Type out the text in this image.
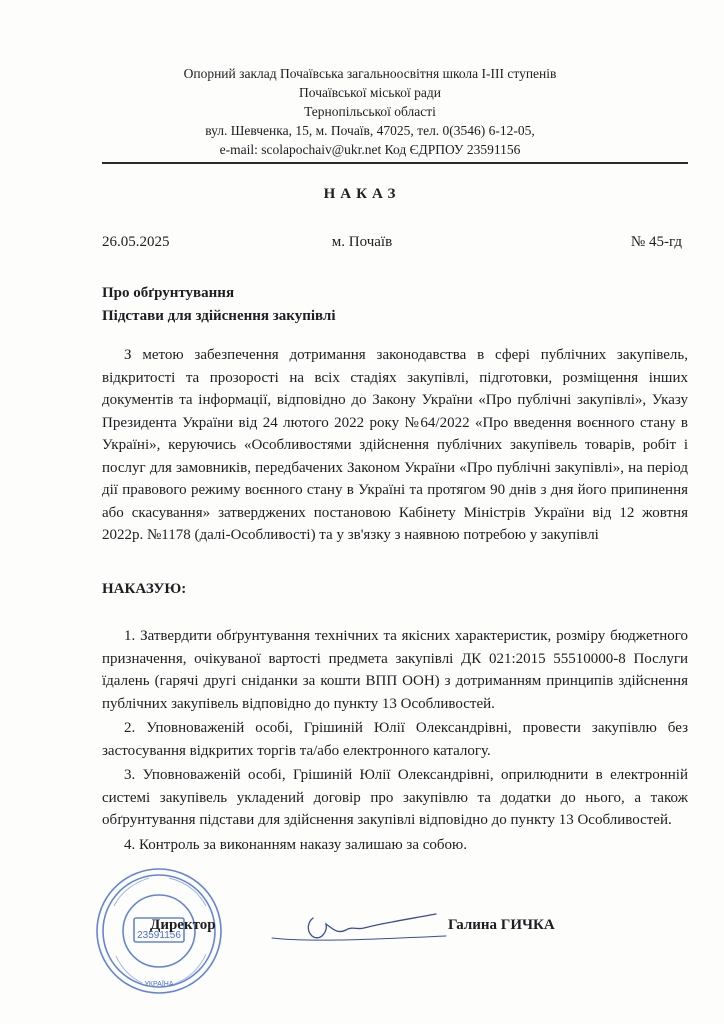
Опорний заклад Почаївська загальноосвітня школа І-ІІІ ступенів
Почаївської міської ради
Тернопільської області
вул. Шевченка, 15, м. Почаїв, 47025, тел. 0(3546) 6-12-05,
e-mail: scolapochaiv@ukr.net Код ЄДРПОУ 23591156
НАКАЗ
26.05.2025	м. Почаїв	№ 45-гд
Про обґрунтування
Підстави для здійснення закупівлі

З метою забезпечення дотримання законодавства в сфері публічних закупівель, відкритості та прозорості на всіх стадіях закупівлі, підготовки, розміщення інших документів та інформації, відповідно до Закону України «Про публічні закупівлі», Указу Президента України від 24 лютого 2022 року №64/2022 «Про введення воєнного стану в Україні», керуючись «Особливостями здійснення публічних закупівель товарів, робіт і послуг для замовників, передбачених Законом України «Про публічні закупівлі», на період дії правового режиму воєнного стану в Україні та протягом 90 днів з дня його припинення або скасування» затверджених постановою Кабінету Міністрів України від 12 жовтня 2022р. №1178 (далі-Особливості) та у зв'язку з наявною потребою у закупівлі

НАКАЗУЮ:

1. Затвердити обґрунтування технічних та якісних характеристик, розміру бюджетного призначення, очікуваної вартості предмета закупівлі ДК 021:2015 55510000-8 Послуги їдалень (гарячі другі сніданки за кошти ВПП ООН) з дотриманням принципів здійснення публічних закупівель відповідно до пункту 13 Особливостей.

2. Уповноваженій особі, Грішиній Юлії Олександрівні, провести закупівлю без застосування відкритих торгів та/або електронного каталогу.

3. Уповноваженій особі, Грішиній Юлії Олександрівні, оприлюднити в електронній системі закупівель укладений договір про закупівлю та додатки до нього, а також обґрунтування підстави для здійснення закупівлі відповідно до пункту 13 Особливостей.

4. Контроль за виконанням наказу залишаю за собою.

23591156
УКРАЇНА
Директор	Галина ГИЧКА
